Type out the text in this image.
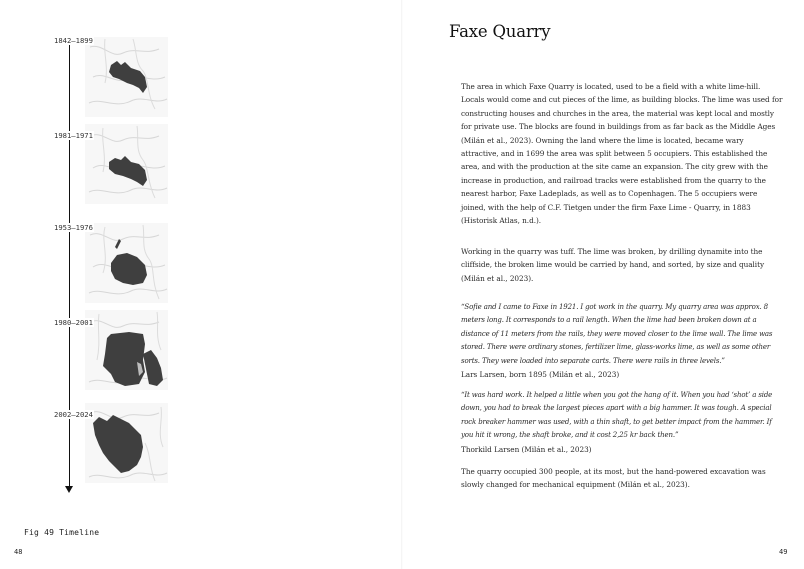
1842–1899
1981–1971
1953–1976
1980–2001
2002–2024
Fig 49 Timeline
48
Faxe Quarry

The area in which Faxe Quarry is located, used to be a field with a white lime-hill. Locals would come and cut pieces of the lime, as building blocks. The lime was used for constructing houses and churches in the area, the material was kept local and mostly for private use. The blocks are found in buildings from as far back as the Middle Ages (Milán et al., 2023). Owning the land where the lime is located, became wary attractive, and in 1699 the area was split between 5 occupiers. This established the area, and with the production at the site came an expansion. The city grew with the increase in production, and railroad tracks were established from the quarry to the nearest harbor, Faxe Ladeplads, as well as to Copenhagen. The 5 occupiers were joined, with the help of C.F. Tietgen under the firm Faxe Lime - Quarry, in 1883 (Historisk Atlas, n.d.).

Working in the quarry was tuff. The lime was broken, by drilling dynamite into the cliffside, the broken lime would be carried by hand, and sorted, by size and quality (Milán et al., 2023).

“Sofie and I came to Faxe in 1921. I got work in the quarry. My quarry area was approx. 8 meters long. It corresponds to a rail length. When the lime had been broken down at a distance of 11 meters from the rails, they were moved closer to the lime wall. The lime was stored. There were ordinary stones, fertilizer lime, glass-works lime, as well as some other sorts. They were loaded into separate carts. There were rails in three levels.”

Lars Larsen, born 1895 (Milán et al., 2023)

“It was hard work. It helped a little when you got the hang of it. When you had ‘shot’ a side down, you had to break the largest pieces apart with a big hammer. It was tough. A special rock breaker hammer was used, with a thin shaft, to get better impact from the hammer. If you hit it wrong, the shaft broke, and it cost 2,25 kr back then.”

Thorkild Larsen (Milán et al., 2023)

The quarry occupied 300 people, at its most, but the hand-powered excavation was slowly changed for mechanical equipment (Milán et al., 2023).

49
